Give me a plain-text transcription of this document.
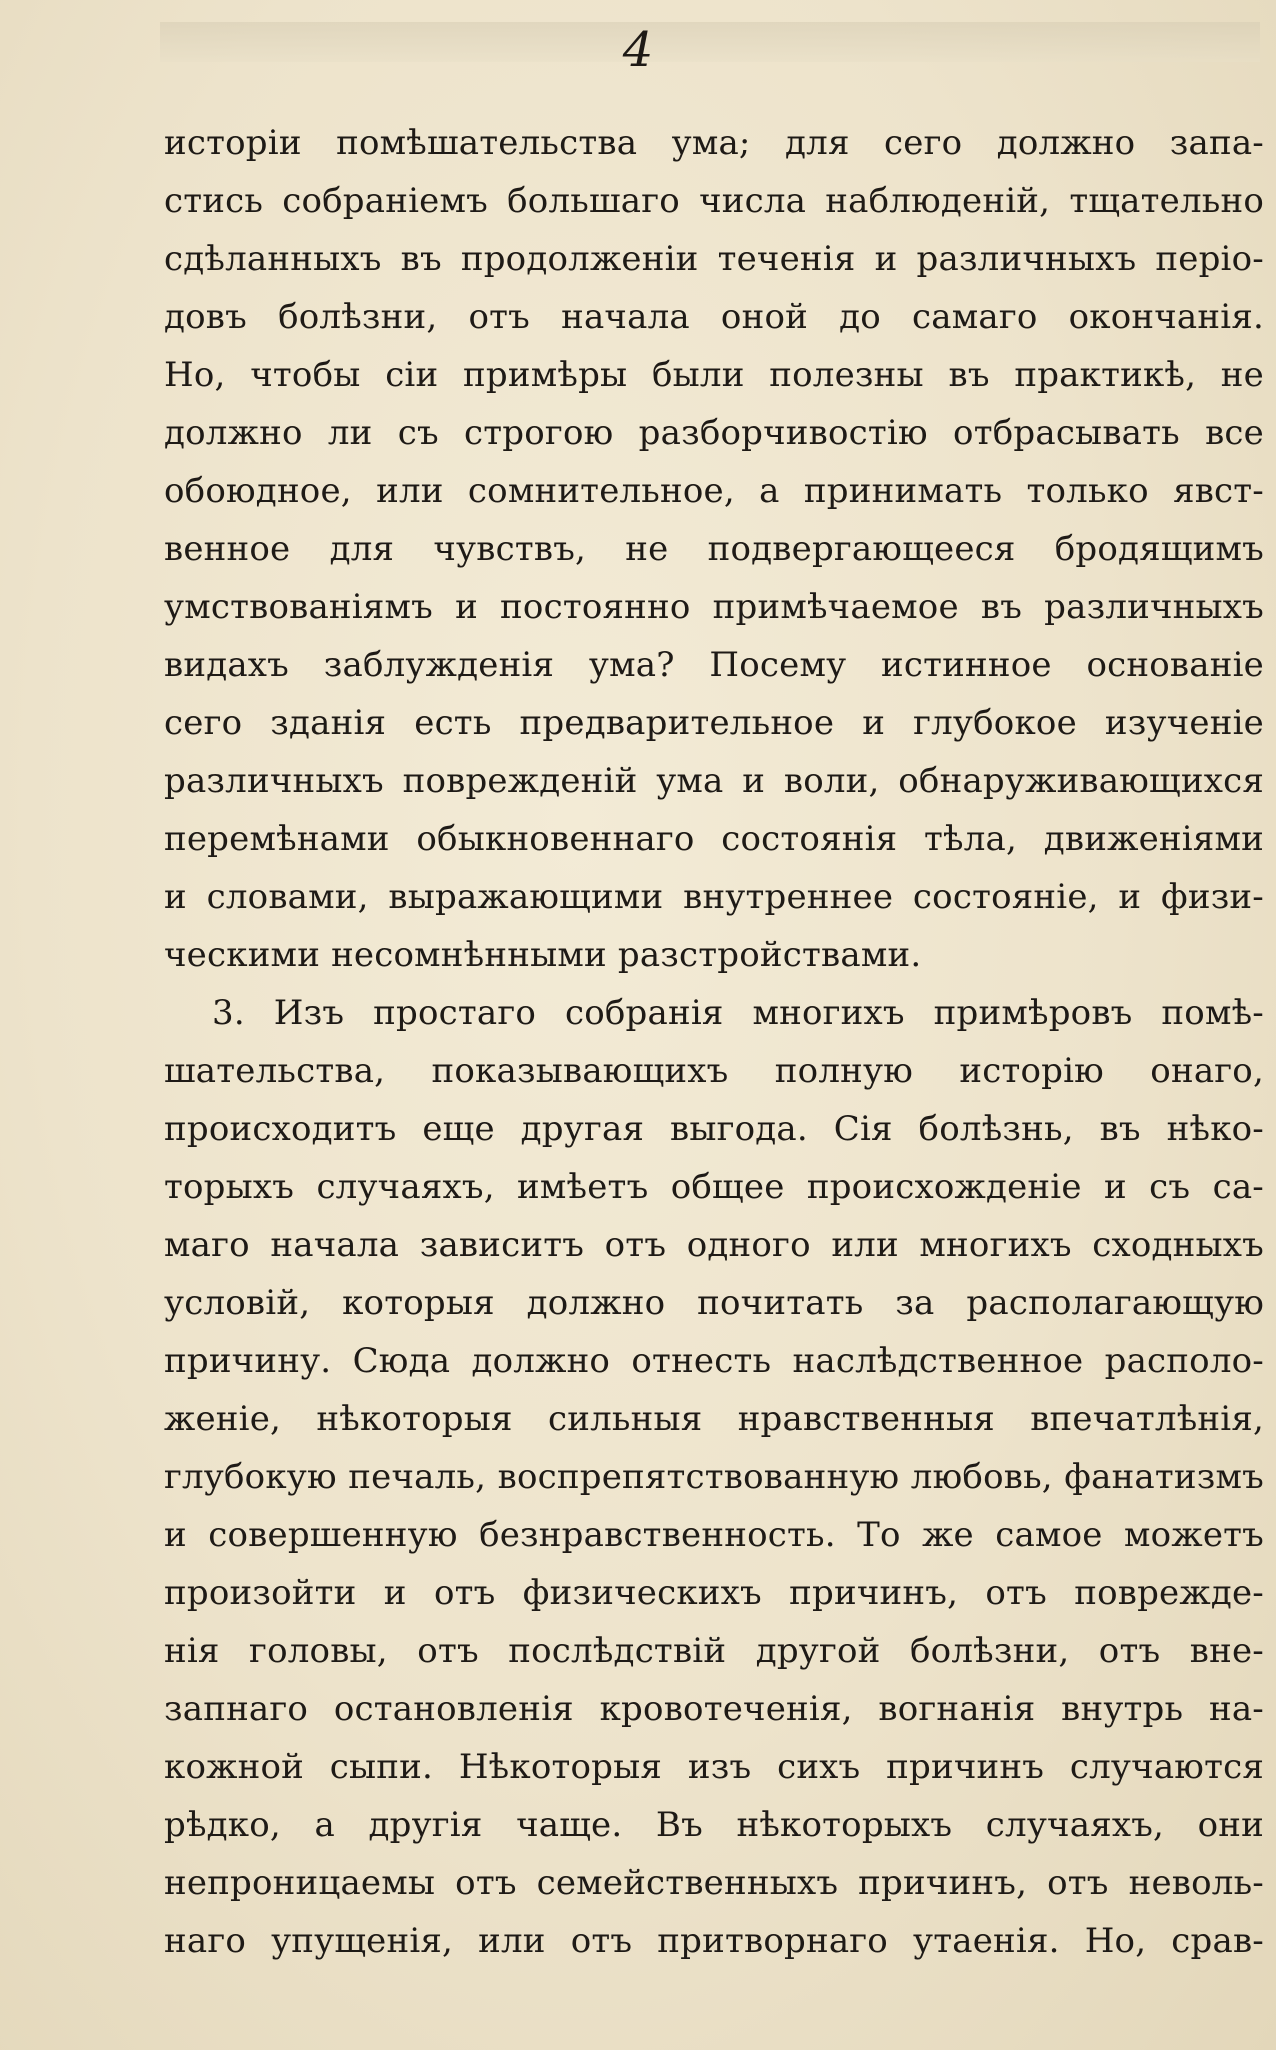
4
исторіи помѣшательства ума; для сего должно запа-
стись собраніемъ большаго числа наблюденій, тщательно
сдѣланныхъ въ продолженіи теченія и различныхъ перiо-
довъ болѣзни, отъ начала оной до самаго окончанія.
Но, чтобы сіи примѣры были полезны въ практикѣ, не
должно ли съ строгою разборчивостію отбрасывать все
обоюдное, или сомнительное, а принимать только явст-
венное для чувствъ, не подвергающееся бродящимъ
умствованіямъ и постоянно примѣчаемое въ различныхъ
видахъ заблужденія ума? Посему истинное основаніе
сего зданія есть предварительное и глубокое изученіе
различныхъ поврежденій ума и воли, обнаруживающихся
перемѣнами обыкновеннаго состоянія тѣла, движеніями
и словами, выражающими внутреннее состояніе, и физи-
ческими несомнѣнными разстройствами.
3. Изъ простаго собранія многихъ примѣровъ помѣ-
шательства, показывающихъ полную исторію онаго,
происходитъ еще другая выгода. Сія болѣзнь, въ нѣко-
торыхъ случаяхъ, имѣетъ общее происхожденіе и съ са-
маго начала зависитъ отъ одного или многихъ сходныхъ
условій, которыя должно почитать за располагающую
причину. Сюда должно отнесть наслѣдственное располо-
женіе, нѣкоторыя сильныя нравственныя впечатлѣнія,
глубокую печаль, воспрепятствованную любовь, фанатизмъ
и совершенную безнравственность. То же самое можетъ
произойти и отъ физическихъ причинъ, отъ поврежде-
нія головы, отъ послѣдствій другой болѣзни, отъ вне-
запнаго остановленія кровотеченія, вогнанія внутрь на-
кожной сыпи. Нѣкоторыя изъ сихъ причинъ случаются
рѣдко, а другія чаще. Въ нѣкоторыхъ случаяхъ, они
непроницаемы отъ семейственныхъ причинъ, отъ неволь-
наго упущенія, или отъ притворнаго утаенія. Но, срав-
